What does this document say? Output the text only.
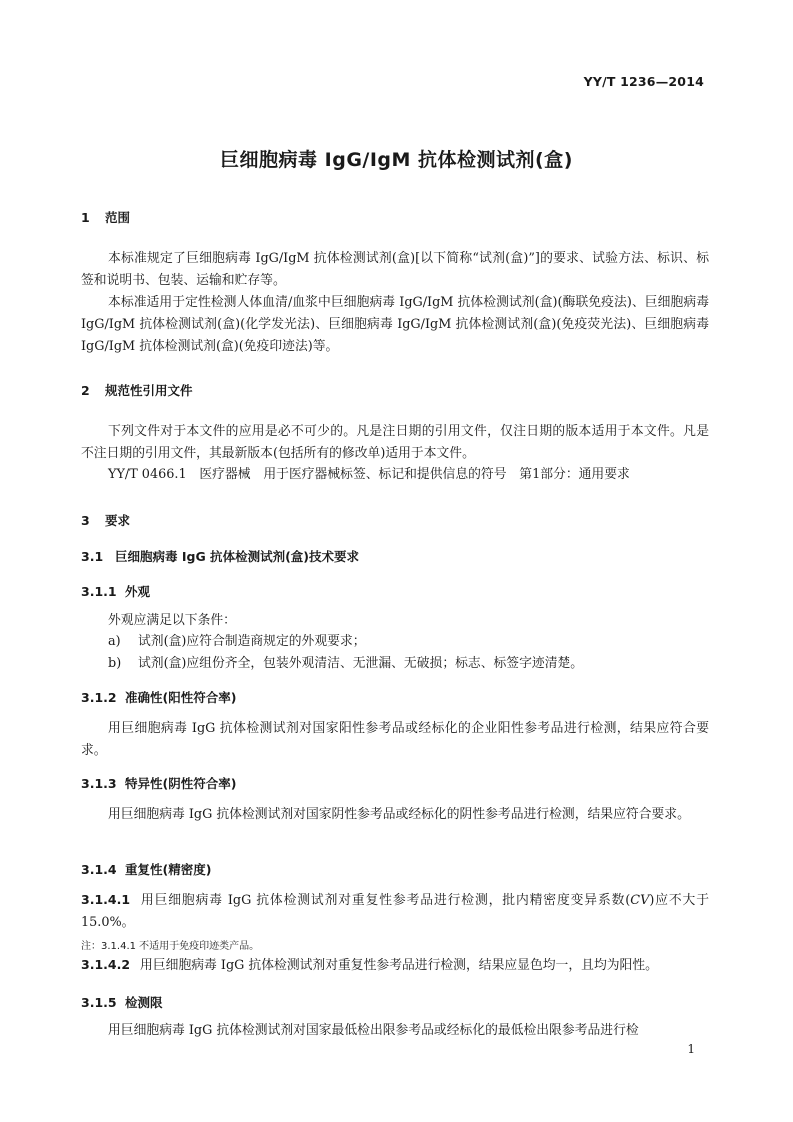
YY/T 1236—2014
巨细胞病毒 IgG/IgM 抗体检测试剂(盒)
1 范围
本标准规定了巨细胞病毒 IgG/IgM 抗体检测试剂(盒)[以下简称“试剂(盒)”]的要求、试验方法、标识、标签和说明书、包装、运输和贮存等。
本标准适用于定性检测人体血清/血浆中巨细胞病毒 IgG/IgM 抗体检测试剂(盒)(酶联免疫法)、巨细胞病毒 IgG/IgM 抗体检测试剂(盒)(化学发光法)、巨细胞病毒 IgG/IgM 抗体检测试剂(盒)(免疫荧光法)、巨细胞病毒 IgG/IgM 抗体检测试剂(盒)(免疫印迹法)等。
2 规范性引用文件
下列文件对于本文件的应用是必不可少的。凡是注日期的引用文件，仅注日期的版本适用于本文件。凡是不注日期的引用文件，其最新版本(包括所有的修改单)适用于本文件。
YY/T 0466.1　医疗器械　用于医疗器械标签、标记和提供信息的符号　第1部分：通用要求
3 要求
3.1 巨细胞病毒 IgG 抗体检测试剂(盒)技术要求
3.1.1 外观
外观应满足以下条件：
a) 试剂(盒)应符合制造商规定的外观要求；
b) 试剂(盒)应组份齐全，包装外观清洁、无泄漏、无破损；标志、标签字迹清楚。
3.1.2 准确性(阳性符合率)
用巨细胞病毒 IgG 抗体检测试剂对国家阳性参考品或经标化的企业阳性参考品进行检测，结果应符合要求。
3.1.3 特异性(阴性符合率)
用巨细胞病毒 IgG 抗体检测试剂对国家阴性参考品或经标化的阴性参考品进行检测，结果应符合要求。
3.1.4 重复性(精密度)
3.1.4.1 用巨细胞病毒 IgG 抗体检测试剂对重复性参考品进行检测，批内精密度变异系数(CV)应不大于 15.0%。
注：3.1.4.1 不适用于免疫印迹类产品。
3.1.4.2 用巨细胞病毒 IgG 抗体检测试剂对重复性参考品进行检测，结果应显色均一，且均为阳性。
3.1.5 检测限
用巨细胞病毒 IgG 抗体检测试剂对国家最低检出限参考品或经标化的最低检出限参考品进行检
1
